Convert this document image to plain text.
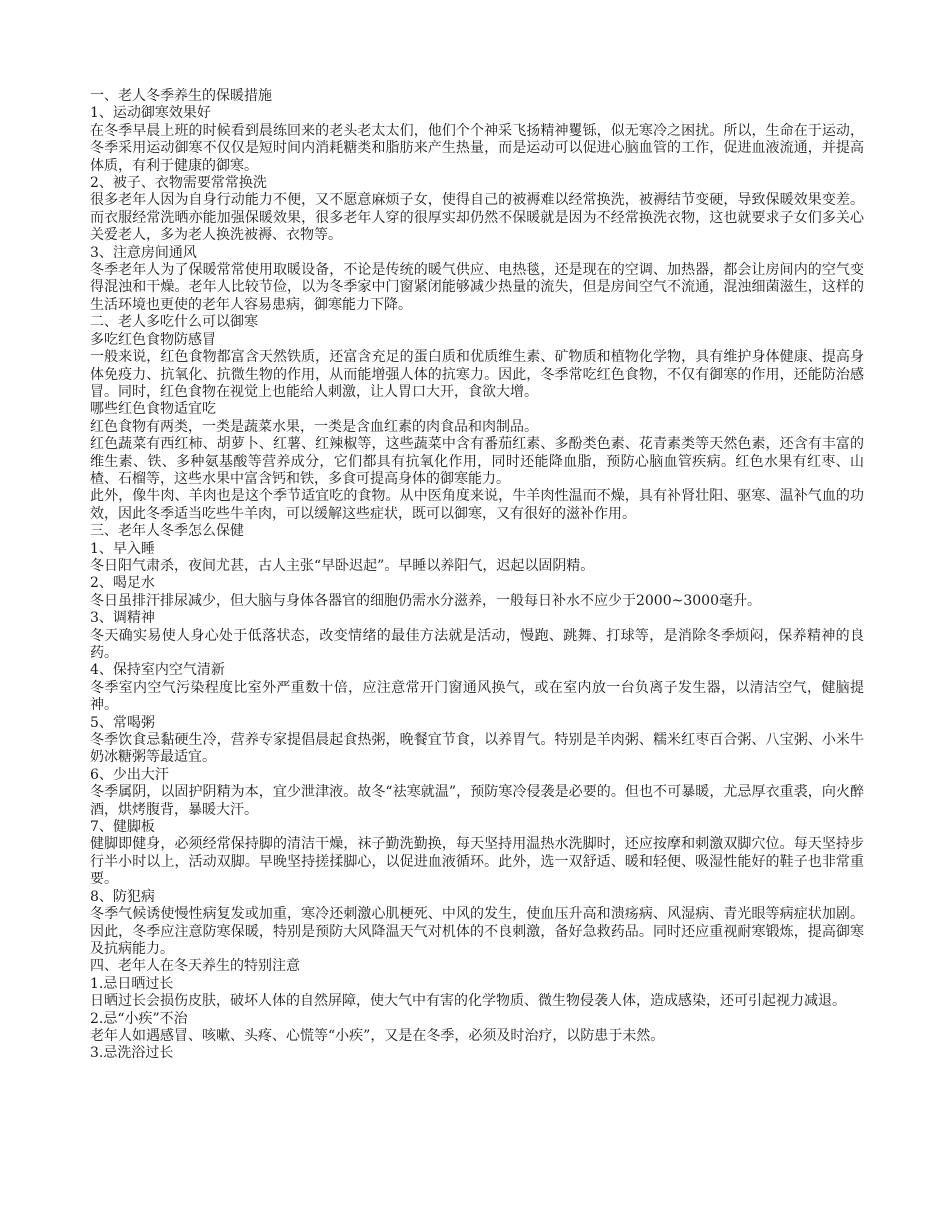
一、老人冬季养生的保暖措施

1、运动御寒效果好

在冬季早晨上班的时候看到晨练回来的老头老太太们，他们个个神采飞扬精神矍铄，似无寒冷之困扰。所以，生命在于运动，冬季采用运动御寒不仅仅是短时间内消耗糖类和脂肪来产生热量，而是运动可以促进心脑血管的工作，促进血液流通，并提高体质，有利于健康的御寒。

2、被子、衣物需要常常换洗

很多老年人因为自身行动能力不便，又不愿意麻烦子女，使得自己的被褥难以经常换洗，被褥结节变硬，导致保暖效果变差。而衣服经常洗晒亦能加强保暖效果，很多老年人穿的很厚实却仍然不保暖就是因为不经常换洗衣物，这也就要求子女们多关心关爱老人，多为老人换洗被褥、衣物等。

3、注意房间通风

冬季老年人为了保暖常常使用取暖设备，不论是传统的暖气供应、电热毯，还是现在的空调、加热器，都会让房间内的空气变得混浊和干燥。老年人比较节俭，以为冬季家中门窗紧闭能够减少热量的流失，但是房间空气不流通，混浊细菌滋生，这样的生活环境也更使的老年人容易患病，御寒能力下降。

二、老人多吃什么可以御寒

多吃红色食物防感冒

一般来说，红色食物都富含天然铁质，还富含充足的蛋白质和优质维生素、矿物质和植物化学物，具有维护身体健康、提高身体免疫力、抗氧化、抗微生物的作用，从而能增强人体的抗寒力。因此，冬季常吃红色食物，不仅有御寒的作用，还能防治感冒。同时，红色食物在视觉上也能给人刺激，让人胃口大开，食欲大增。

哪些红色食物适宜吃

红色食物有两类，一类是蔬菜水果，一类是含血红素的肉食品和肉制品。

红色蔬菜有西红柿、胡萝卜、红薯、红辣椒等，这些蔬菜中含有番茄红素、多酚类色素、花青素类等天然色素，还含有丰富的维生素、铁、多种氨基酸等营养成分，它们都具有抗氧化作用，同时还能降血脂，预防心脑血管疾病。红色水果有红枣、山楂、石榴等，这些水果中富含钙和铁，多食可提高身体的御寒能力。

此外，像牛肉、羊肉也是这个季节适宜吃的食物。从中医角度来说，牛羊肉性温而不燥，具有补肾壮阳、驱寒、温补气血的功效，因此冬季适当吃些牛羊肉，可以缓解这些症状，既可以御寒，又有很好的滋补作用。

三、老年人冬季怎么保健

1、早入睡

冬日阳气肃杀，夜间尤甚，古人主张“早卧迟起”。早睡以养阳气，迟起以固阴精。

2、喝足水

冬日虽排汗排尿减少，但大脑与身体各器官的细胞仍需水分滋养，一般每日补水不应少于2000~3000毫升。

3、调精神

冬天确实易使人身心处于低落状态，改变情绪的最佳方法就是活动，慢跑、跳舞、打球等，是消除冬季烦闷，保养精神的良药。

4、保持室内空气清新

冬季室内空气污染程度比室外严重数十倍，应注意常开门窗通风换气，或在室内放一台负离子发生器，以清洁空气，健脑提神。

5、常喝粥

冬季饮食忌黏硬生冷，营养专家提倡晨起食热粥，晚餐宜节食，以养胃气。特别是羊肉粥、糯米红枣百合粥、八宝粥、小米牛奶冰糖粥等最适宜。

6、少出大汗

冬季属阴，以固护阴精为本，宜少泄津液。故冬“祛寒就温”，预防寒冷侵袭是必要的。但也不可暴暖，尤忌厚衣重裘，向火醉酒，烘烤腹背，暴暖大汗。

7、健脚板

健脚即健身，必须经常保持脚的清洁干燥，袜子勤洗勤换，每天坚持用温热水洗脚时，还应按摩和刺激双脚穴位。每天坚持步行半小时以上，活动双脚。早晚坚持搓揉脚心，以促进血液循环。此外，选一双舒适、暖和轻便、吸湿性能好的鞋子也非常重要。

8、防犯病

冬季气候诱使慢性病复发或加重，寒冷还刺激心肌梗死、中风的发生，使血压升高和溃疡病、风湿病、青光眼等病症状加剧。因此，冬季应注意防寒保暖，特别是预防大风降温天气对机体的不良刺激，备好急救药品。同时还应重视耐寒锻炼，提高御寒及抗病能力。

四、老年人在冬天养生的特别注意

1.忌日晒过长

日晒过长会损伤皮肤，破坏人体的自然屏障，使大气中有害的化学物质、微生物侵袭人体，造成感染，还可引起视力减退。

2.忌“小疾”不治

老年人如遇感冒、咳嗽、头疼、心慌等“小疾”，又是在冬季，必须及时治疗，以防患于未然。

3.忌洗浴过长
